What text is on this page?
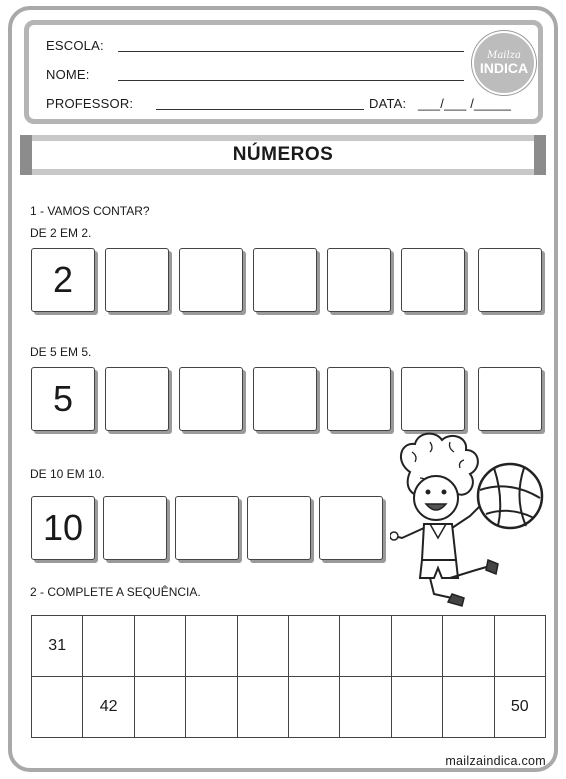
ESCOLA:
NOME:
PROFESSOR:	DATA: ___/___ /_____
Mailza
INDICA
NÚMEROS
1 - VAMOS CONTAR?
DE 2 EM 2.
2
DE 5 EM 5.
5
DE 10 EM 10.
10
2 - COMPLETE A SEQUÊNCIA.
31									
	42								50
mailzaindica.com
